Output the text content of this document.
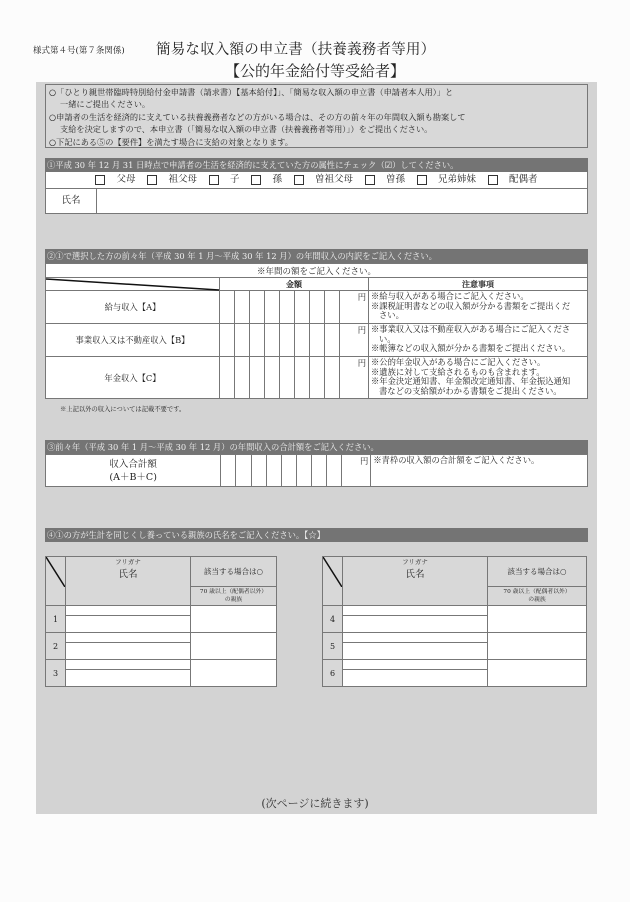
様式第４号(第７条関係) 簡易な収入額の申立書（扶養義務者等用）
【公的年金給付等受給者】
○「ひとり親世帯臨時特別給付金申請書（請求書）【基本給付】」、「簡易な収入額の申立書（申請者本人用）」と
一緒にご提出ください。
○申請者の生活を経済的に支えている扶養義務者などの方がいる場合は、その方の前々年の年間収入額も勘案して
支給を決定しますので、本申立書（「簡易な収入額の申立書（扶養義務者等用）」）をご提出ください。
○下記にある⑤の【要件】を満たす場合に支給の対象となります。
①平成 30 年 12 月 31 日時点で申請者の生活を経済的に支えていた方の属性にチェック（☑）してください。
父母	祖父母	子	孫	曽祖父母	曽孫	兄弟姉妹	配偶者
氏名
②①で選択した方の前々年（平成 30 年 1 月～平成 30 年 12 月）の年間収入の内訳をご記入ください。
※年間の額をご記入ください。										

	金額									注意事項
給与収入【A】									円	※給与収入がある場合にご記入ください。
※課税証明書などの収入額が分かる書類をご提出くだ
さい。

事業収入又は不動産収入【B】									円	※事業収入又は不動産収入がある場合にご記入くださ
い。
※帳簿などの収入額が分かる書類をご提出ください。

年金収入【C】									円	※公的年金収入がある場合にご記入ください。
※遺族に対して支給されるものも含まれます。
※年金決定通知書、年金額改定通知書、年金振込通知
書などの支給額がわかる書類をご提出ください。
※上記以外の収入については記載不要です。
③前々年（平成 30 年 1 月～平成 30 年 12 月）の年間収入の合計額をご記入ください。
収入合計額
(A＋B＋C)
									円	※青枠の収入額の合計額をご記入ください。
④①の方が生計を同じくし養っている親族の氏名をご記入ください。【☆】

フリガナ
氏名	該当する場合は○

		70 歳以上（配偶者以外）
の親族

1		

2		

3		

フリガナ
氏名	該当する場合は○

		70 歳以上（配偶者以外）
の親族

4		

5		

6		

(次ページに続きます)
